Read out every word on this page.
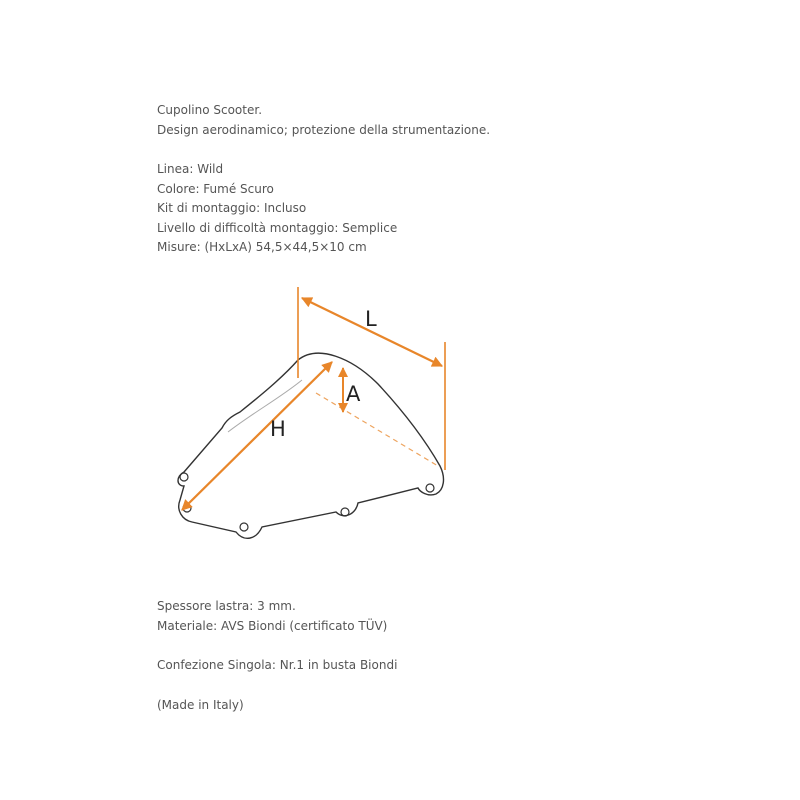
Cupolino Scooter.

Design aerodinamico; protezione della strumentazione.

Linea: Wild

Colore: Fumé Scuro

Kit di montaggio: Incluso

Livello di difficoltà montaggio: Semplice

Misure: (HxLxA) 54,5×44,5×10 cm

L
A
H

Spessore lastra: 3 mm.

Materiale: AVS Biondi (certificato TÜV)

Confezione Singola: Nr.1 in busta Biondi

(Made in Italy)
